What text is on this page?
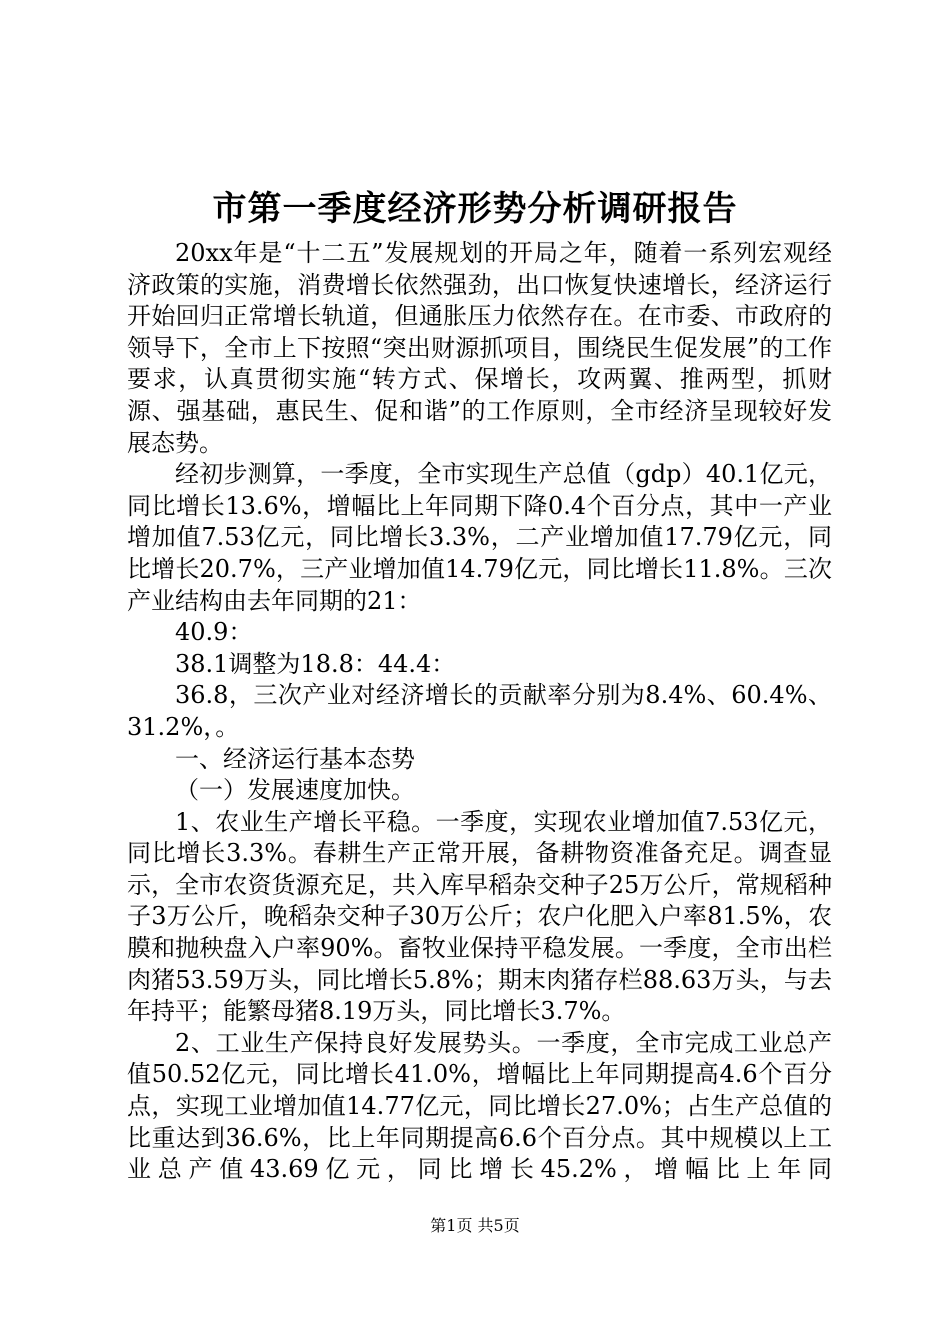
市第一季度经济形势分析调研报告

20xx年是“十二五”发展规划的开局之年，随着一系列宏观经济政策的实施，消费增长依然强劲，出口恢复快速增长，经济运行开始回归正常增长轨道，但通胀压力依然存在。在市委、市政府的领导下，全市上下按照“突出财源抓项目，围绕民生促发展”的工作要求，认真贯彻实施“转方式、保增长，攻两翼、推两型，抓财源、强基础，惠民生、促和谐”的工作原则，全市经济呈现较好发展态势。

经初步测算，一季度，全市实现生产总值（gdp）40.1亿元，同比增长13.6%，增幅比上年同期下降0.4个百分点，其中一产业增加值7.53亿元，同比增长3.3%，二产业增加值17.79亿元，同比增长20.7%，三产业增加值14.79亿元，同比增长11.8%。三次产业结构由去年同期的21：

40.9：

38.1调整为18.8：44.4：

36.8，三次产业对经济增长的贡献率分别为8.4%、60.4%、31.2%，。

一、经济运行基本态势

（一）发展速度加快。

1、农业生产增长平稳。一季度，实现农业增加值7.53亿元，同比增长3.3%。春耕生产正常开展，备耕物资准备充足。调查显示，全市农资货源充足，共入库早稻杂交种子25万公斤，常规稻种子3万公斤，晚稻杂交种子30万公斤；农户化肥入户率81.5%，农膜和抛秧盘入户率90%。畜牧业保持平稳发展。一季度，全市出栏肉猪53.59万头，同比增长5.8%；期末肉猪存栏88.63万头，与去年持平；能繁母猪8.19万头，同比增长3.7%。

2、工业生产保持良好发展势头。一季度，全市完成工业总产值50.52亿元，同比增长41.0%，增幅比上年同期提高4.6个百分点，实现工业增加值14.77亿元，同比增长27.0%；占生产总值的比重达到36.6%，比上年同期提高6.6个百分点。其中规模以上工业总产值43.69亿元，同比增长45.2%，增幅比上年同

第1页 共5页
